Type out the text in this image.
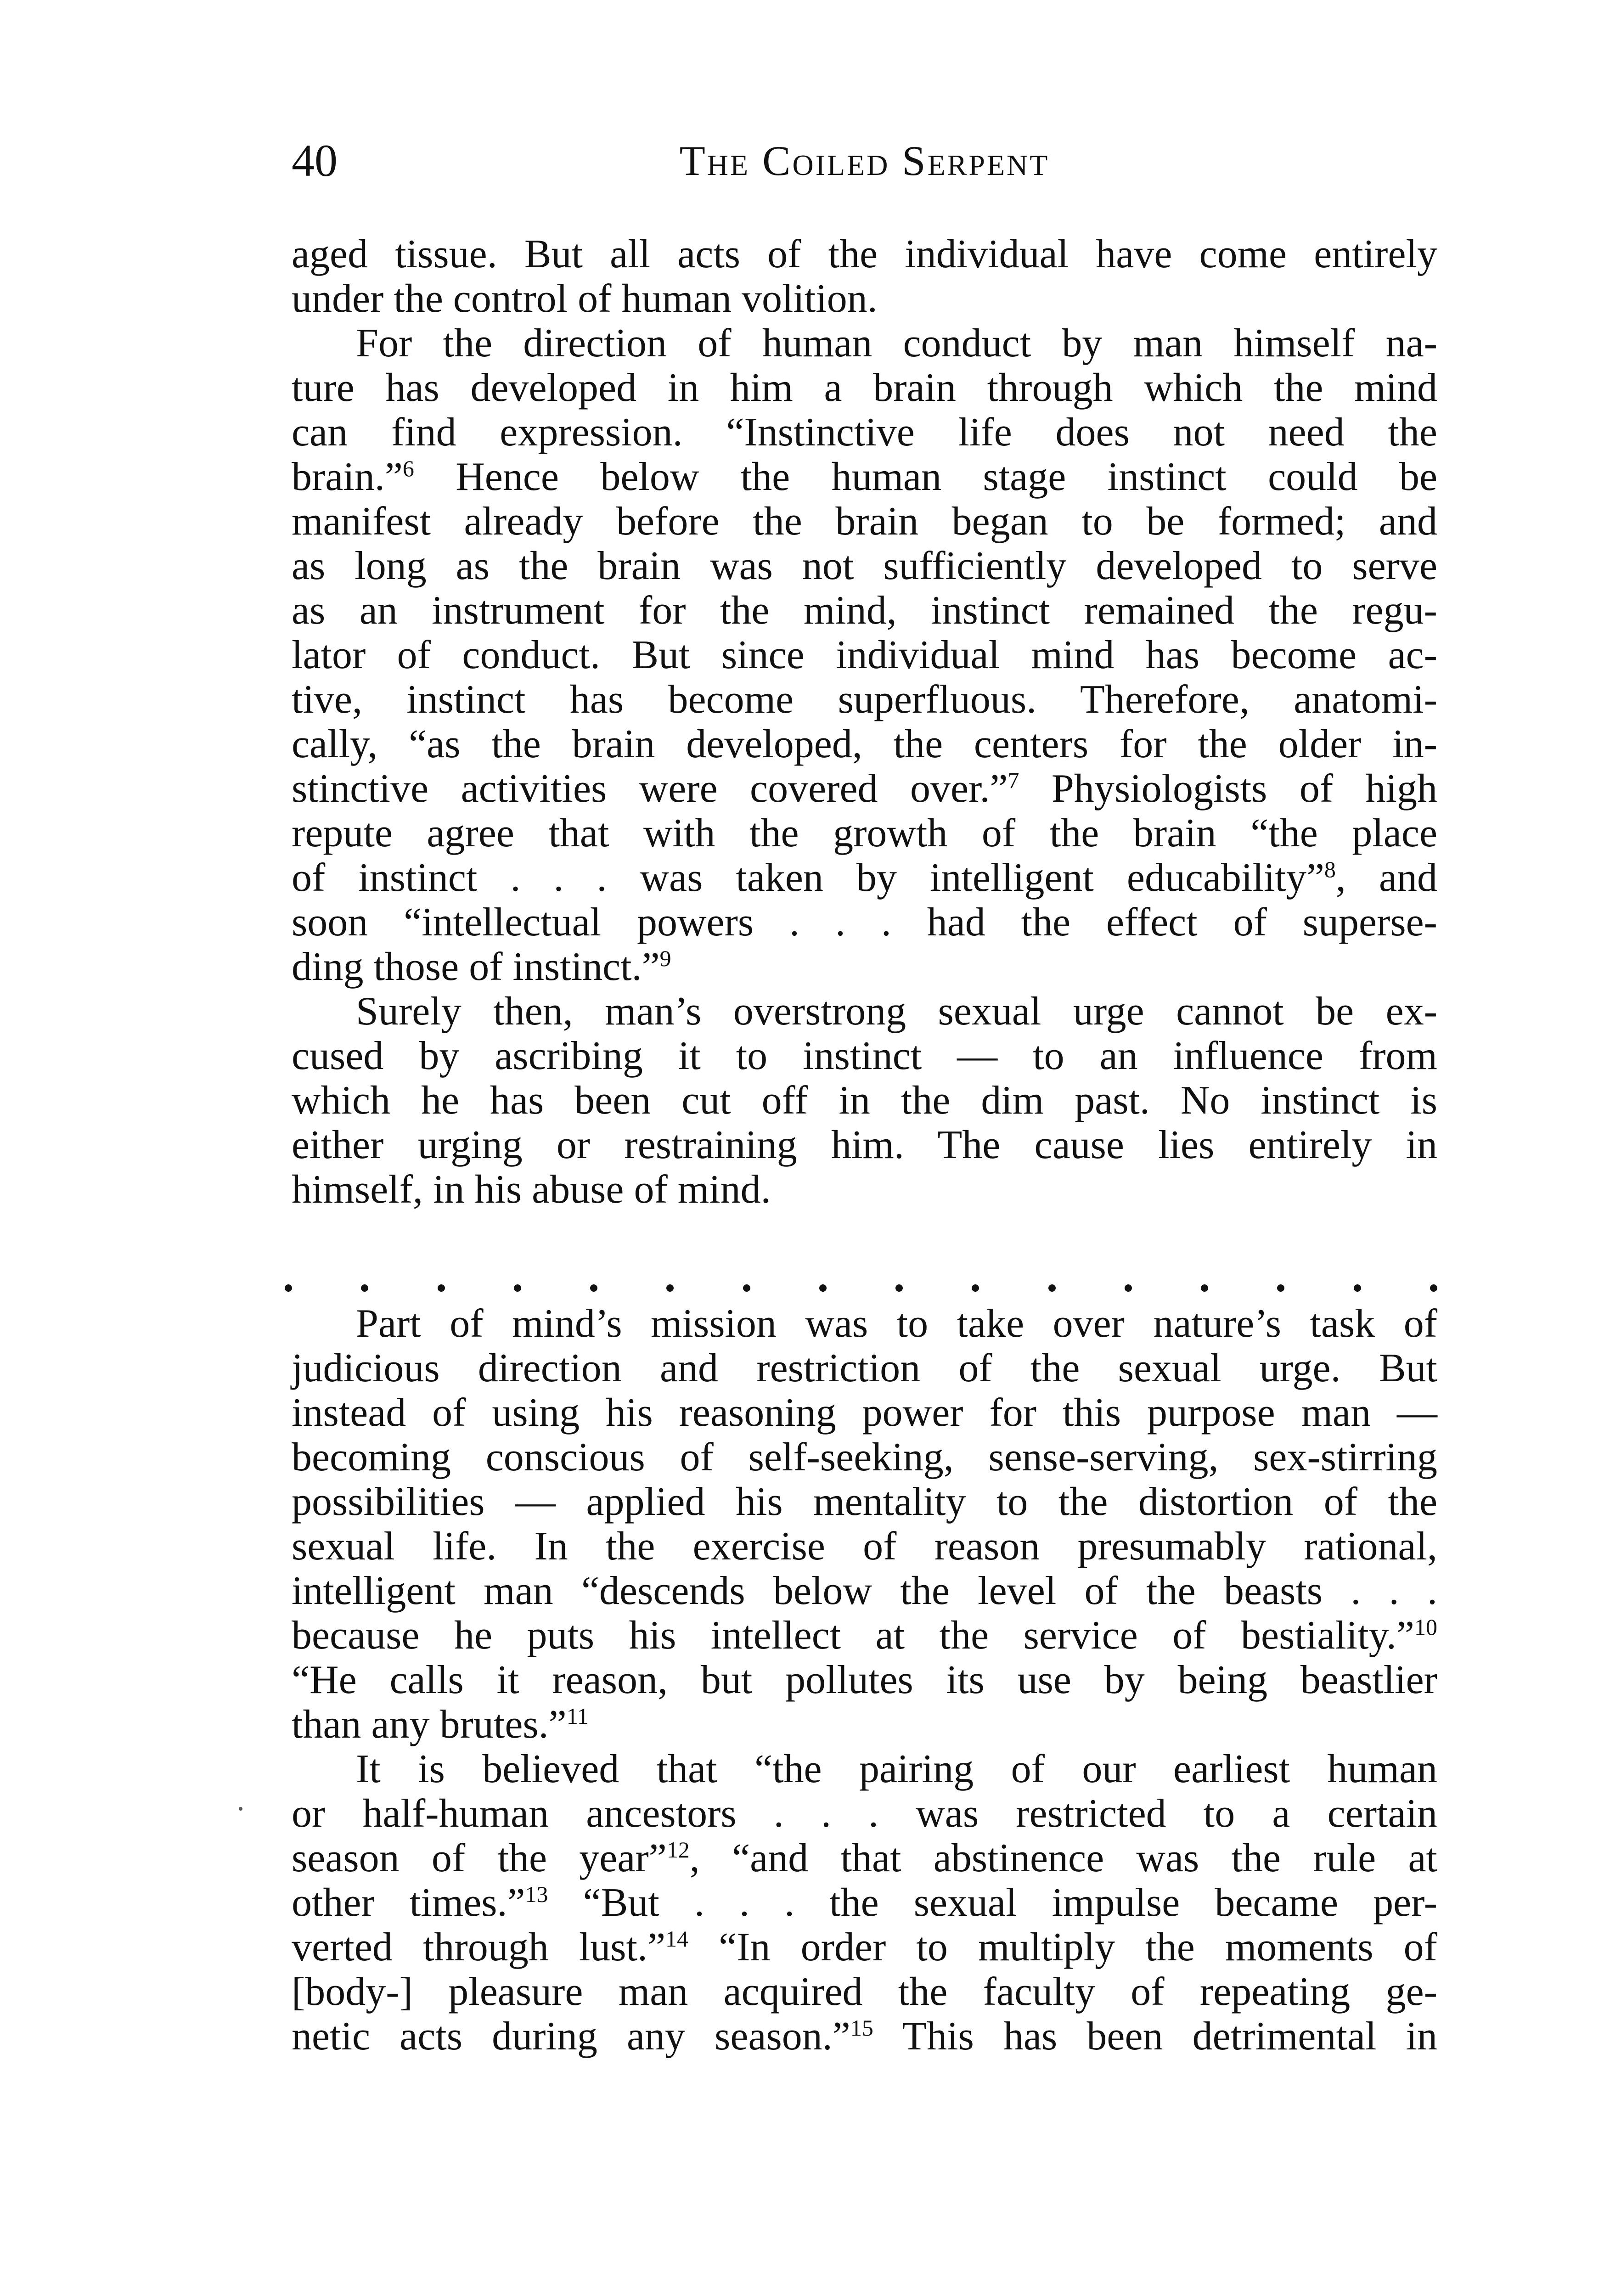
40	The Coiled Serpent
aged tissue. But all acts of the individual have come entirely
under the control of human volition.
For the direction of human conduct by man himself na-
ture has developed in him a brain through which the mind
can find expression. “Instinctive life does not need the
brain.”$^6$ Hence below the human stage instinct could be
manifest already before the brain began to be formed; and
as long as the brain was not sufficiently developed to serve
as an instrument for the mind, instinct remained the regu-
lator of conduct. But since individual mind has become ac-
tive, instinct has become superfluous. Therefore, anatomi-
cally, “as the brain developed, the centers for the older in-
stinctive activities were covered over.”$^7$ Physiologists of high
repute agree that with the growth of the brain “the place
of instinct . . . was taken by intelligent educability”$^8$, and
soon “intellectual powers . . . had the effect of superse-
ding those of instinct.”$^9$
Surely then, man’s overstrong sexual urge cannot be ex-
cused by ascribing it to instinct — to an influence from
which he has been cut off in the dim past. No instinct is
either urging or restraining him. The cause lies entirely in
himself, in his abuse of mind.
Part of mind’s mission was to take over nature’s task of
judicious direction and restriction of the sexual urge. But
instead of using his reasoning power for this purpose man —
becoming conscious of self-seeking, sense-serving, sex-stirring
possibilities — applied his mentality to the distortion of the
sexual life. In the exercise of reason presumably rational,
intelligent man “descends below the level of the beasts . . .
because he puts his intellect at the service of bestiality.”$^{10}$
“He calls it reason, but pollutes its use by being beastlier
than any brutes.”$^{11}$
It is believed that “the pairing of our earliest human
or half-human ancestors . . . was restricted to a certain
season of the year”$^{12}$, “and that abstinence was the rule at
other times.”$^{13}$ “But . . . the sexual impulse became per-
verted through lust.”$^{14}$ “In order to multiply the moments of
[body-] pleasure man acquired the faculty of repeating ge-
netic acts during any season.”$^{15}$ This has been detrimental in
